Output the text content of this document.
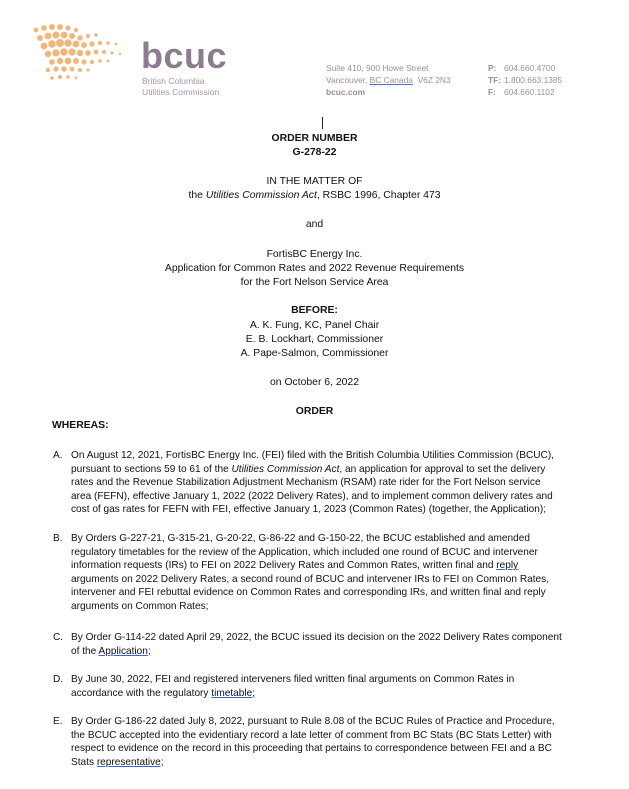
bcuc
British Columbia
Utilities Commission
Suite 410, 900 Howe Street
Vancouver, BC Canada  V6Z 2N3
bcuc.com
P: 604.660.4700
TF: 1.800.663.1385
F: 604.660.1102
ORDER NUMBER
G-278-22
IN THE MATTER OF
the Utilities Commission Act, RSBC 1996, Chapter 473
and
FortisBC Energy Inc.
Application for Common Rates and 2022 Revenue Requirements
for the Fort Nelson Service Area
BEFORE:
A. K. Fung, KC, Panel Chair
E. B. Lockhart, Commissioner
A. Pape-Salmon, Commissioner
on October 6, 2022
ORDER
WHEREAS:
A. On August 12, 2021, FortisBC Energy Inc. (FEI) filed with the British Columbia Utilities Commission (BCUC),
pursuant to sections 59 to 61 of the Utilities Commission Act, an application for approval to set the delivery
rates and the Revenue Stabilization Adjustment Mechanism (RSAM) rate rider for the Fort Nelson service
area (FEFN), effective January 1, 2022 (2022 Delivery Rates), and to implement common delivery rates and
cost of gas rates for FEFN with FEI, effective January 1, 2023 (Common Rates) (together, the Application);
B. By Orders G-227-21, G-315-21, G-20-22, G-86-22 and G-150-22, the BCUC established and amended
regulatory timetables for the review of the Application, which included one round of BCUC and intervener
information requests (IRs) to FEI on 2022 Delivery Rates and Common Rates, written final and reply
arguments on 2022 Delivery Rates, a second round of BCUC and intervener IRs to FEI on Common Rates,
intervener and FEI rebuttal evidence on Common Rates and corresponding IRs, and written final and reply
arguments on Common Rates;
C. By Order G-114-22 dated April 29, 2022, the BCUC issued its decision on the 2022 Delivery Rates component
of the Application;
D. By June 30, 2022, FEI and registered interveners filed written final arguments on Common Rates in
accordance with the regulatory timetable;
E. By Order G-186-22 dated July 8, 2022, pursuant to Rule 8.08 of the BCUC Rules of Practice and Procedure,
the BCUC accepted into the evidentiary record a late letter of comment from BC Stats (BC Stats Letter) with
respect to evidence on the record in this proceeding that pertains to correspondence between FEI and a BC
Stats representative;
